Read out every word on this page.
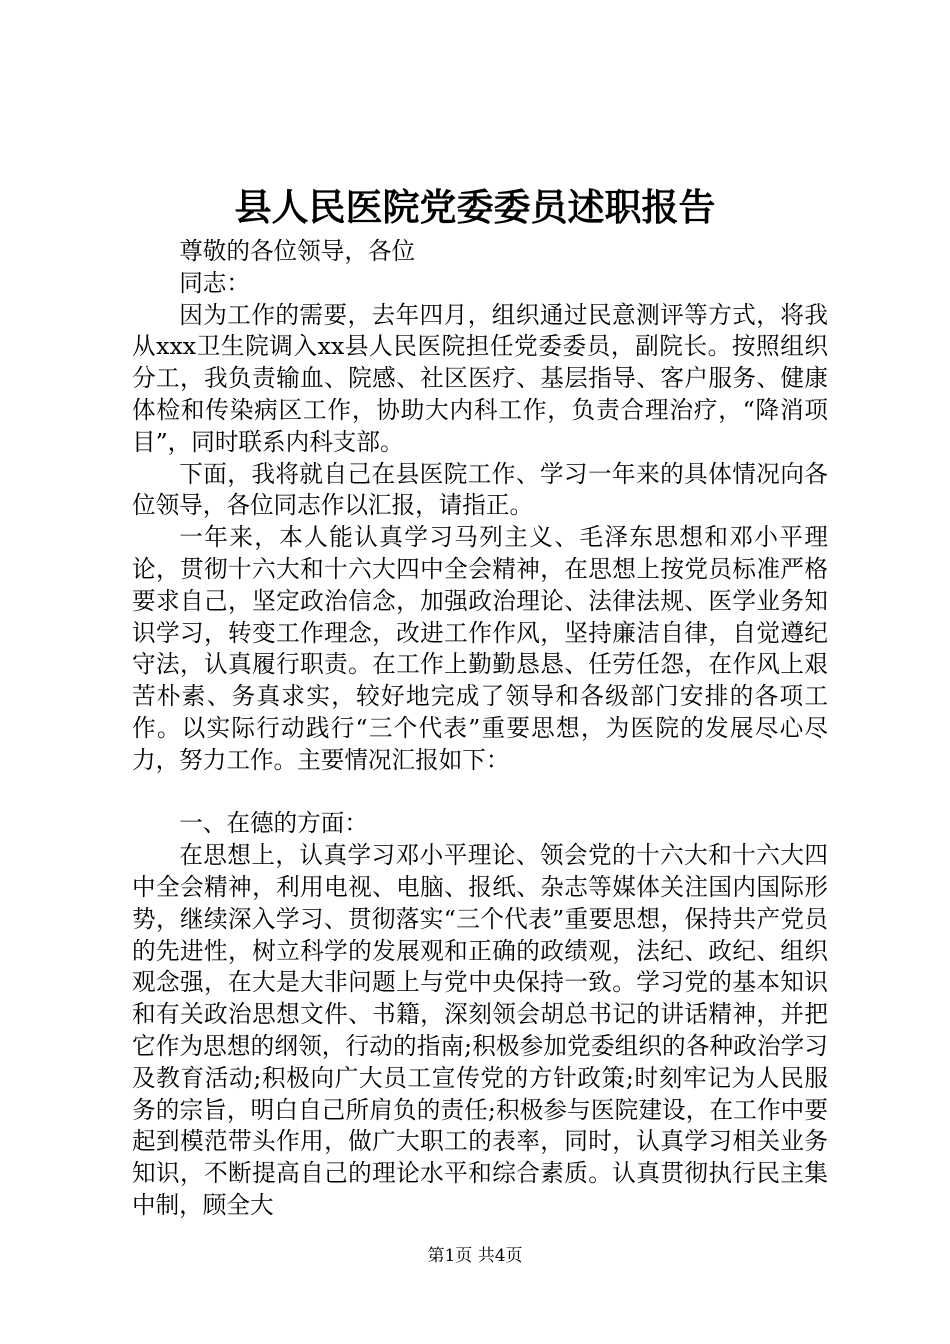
县人民医院党委委员述职报告

尊敬的各位领导，各位

同志：

因为工作的需要，去年四月，组织通过民意测评等方式，将我从xxx卫生院调入xx县人民医院担任党委委员，副院长。按照组织分工，我负责输血、院感、社区医疗、基层指导、客户服务、健康体检和传染病区工作，协助大内科工作，负责合理治疗，“降消项目”，同时联系内科支部。

下面，我将就自己在县医院工作、学习一年来的具体情况向各位领导，各位同志作以汇报，请指正。

一年来，本人能认真学习马列主义、毛泽东思想和邓小平理论，贯彻十六大和十六大四中全会精神，在思想上按党员标准严格要求自己，坚定政治信念，加强政治理论、法律法规、医学业务知识学习，转变工作理念，改进工作作风，坚持廉洁自律，自觉遵纪守法，认真履行职责。在工作上勤勤恳恳、任劳任怨，在作风上艰苦朴素、务真求实，较好地完成了领导和各级部门安排的各项工作。以实际行动践行“三个代表”重要思想，为医院的发展尽心尽力，努力工作。主要情况汇报如下：

一、在德的方面：

在思想上，认真学习邓小平理论、领会党的十六大和十六大四中全会精神，利用电视、电脑、报纸、杂志等媒体关注国内国际形势，继续深入学习、贯彻落实“三个代表”重要思想，保持共产党员的先进性，树立科学的发展观和正确的政绩观，法纪、政纪、组织观念强，在大是大非问题上与党中央保持一致。学习党的基本知识和有关政治思想文件、书籍，深刻领会胡总书记的讲话精神，并把它作为思想的纲领，行动的指南;积极参加党委组织的各种政治学习及教育活动;积极向广大员工宣传党的方针政策;时刻牢记为人民服务的宗旨，明白自己所肩负的责任;积极参与医院建设，在工作中要起到模范带头作用，做广大职工的表率，同时，认真学习相关业务知识，不断提高自己的理论水平和综合素质。认真贯彻执行民主集中制，顾全大

第1页 共4页
